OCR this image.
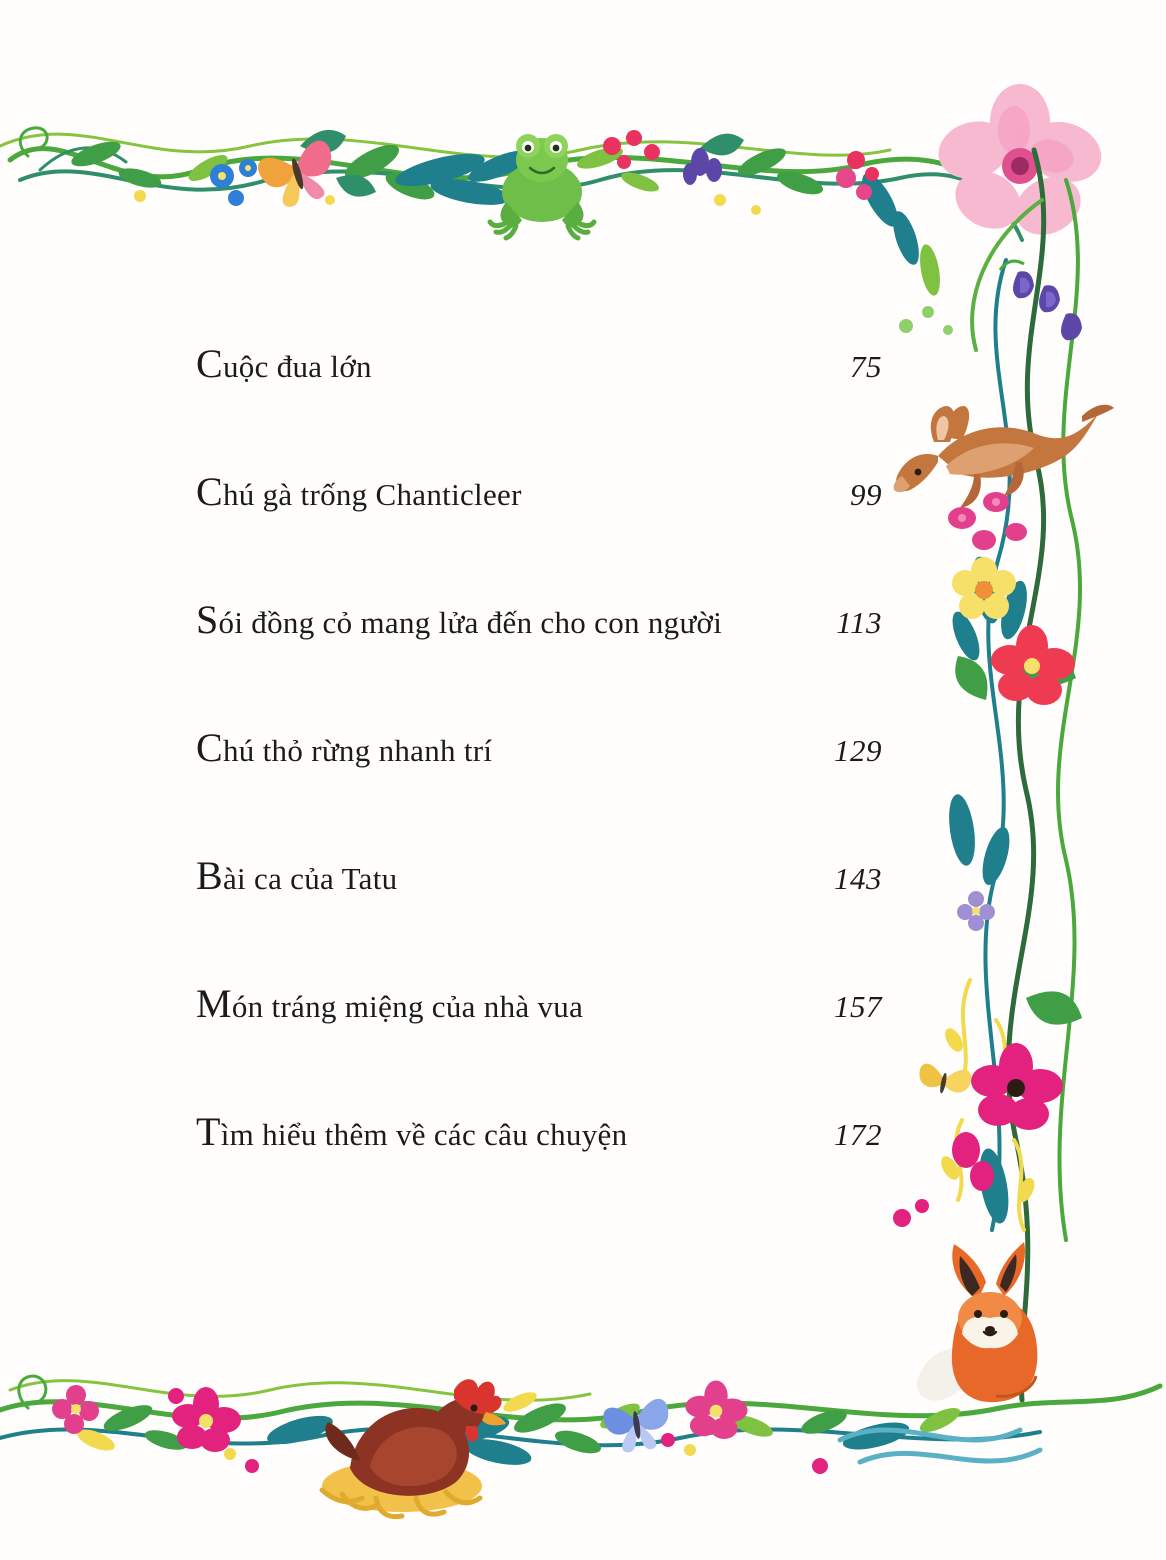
Cuộc đua lớn	75
Chú gà trống Chanticleer	99
Sói đồng cỏ mang lửa đến cho con người	113
Chú thỏ rừng nhanh trí	129
Bài ca của Tatu	143
Món tráng miệng của nhà vua	157
Tìm hiểu thêm về các câu chuyện	172
